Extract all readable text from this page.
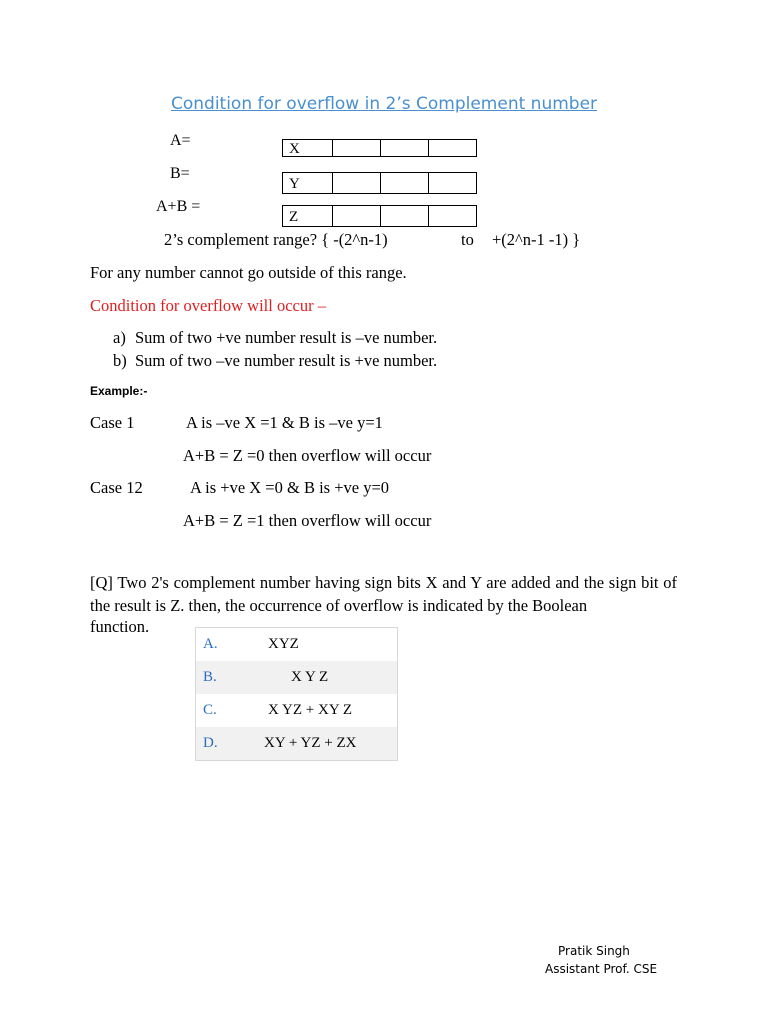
Condition for overflow in 2’s Complement number
A=	X
B=
Y
A+B =
Z
2’s complement range? { -(2^n-1)	to +(2^n-1 -1) }
For any number cannot go outside of this range.
Condition for overflow will occur –
a) Sum of two +ve number result is –ve number.
b) Sum of two –ve number result is +ve number.
Example:-
Case 1	A is –ve X =1 & B is –ve y=1
A+B = Z =0 then overflow will occur
Case 12	A is +ve X =0 & B is +ve y=0
A+B = Z =1 then overflow will occur
[Q] Two 2's complement number having sign bits X and Y are added and the sign bit of the result is Z. then, the occurrence of overflow is indicated by the Boolean
function.
A.	XYZ
B.	X Y Z
C.	X YZ + XY Z
D.	XY + YZ + ZX
Pratik Singh
Assistant Prof. CSE
